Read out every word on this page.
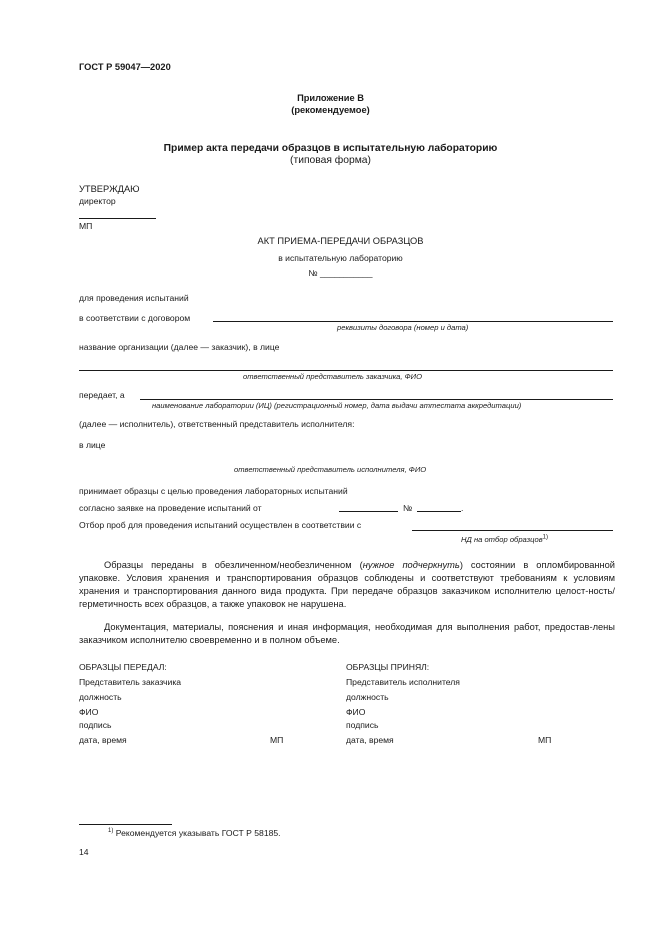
ГОСТ Р 59047—2020
Приложение В
(рекомендуемое)
Пример акта передачи образцов в испытательную лабораторию
(типовая форма)
УТВЕРЖДАЮ
директор
МП
АКТ ПРИЕМА-ПЕРЕДАЧИ ОБРАЗЦОВ
в испытательную лабораторию
№ ___________
для проведения испытаний
в соответствии с договором
реквизиты договора (номер и дата)
название организации (далее — заказчик), в лице
ответственный представитель заказчика, ФИО
передает, а
наименование лаборатории (ИЦ) (регистрационный номер, дата выдачи аттестата аккредитации)
(далее — исполнитель), ответственный представитель исполнителя:
в лице
ответственный представитель исполнителя, ФИО
принимает образцы с целью проведения лабораторных испытаний
согласно заявке на проведение испытаний от	№	.
Отбор проб для проведения испытаний осуществлен в соответствии с
НД на отбор образцов$^{1)}$
Образцы переданы в обезличенном/необезличенном (нужное подчеркнуть) состоянии в опломбированной упаковке. Условия хранения и транспортирования образцов соблюдены и соответствуют требованиям к условиям хранения и транспортирования данного вида продукта. При передаче образцов заказчиком исполнителю целост-ность/герметичность всех образцов, а также упаковок не нарушена.
Документация, материалы, пояснения и иная информация, необходимая для выполнения работ, предостав-лены заказчиком исполнителю своевременно и в полном объеме.
ОБРАЗЦЫ ПЕРЕДАЛ:
Представитель заказчика
должность
ФИО
подпись
дата, время	МП
ОБРАЗЦЫ ПРИНЯЛ:
Представитель исполнителя
должность
ФИО
подпись
дата, время	МП
$^{1)}$ Рекомендуется указывать ГОСТ Р 58185.
14
